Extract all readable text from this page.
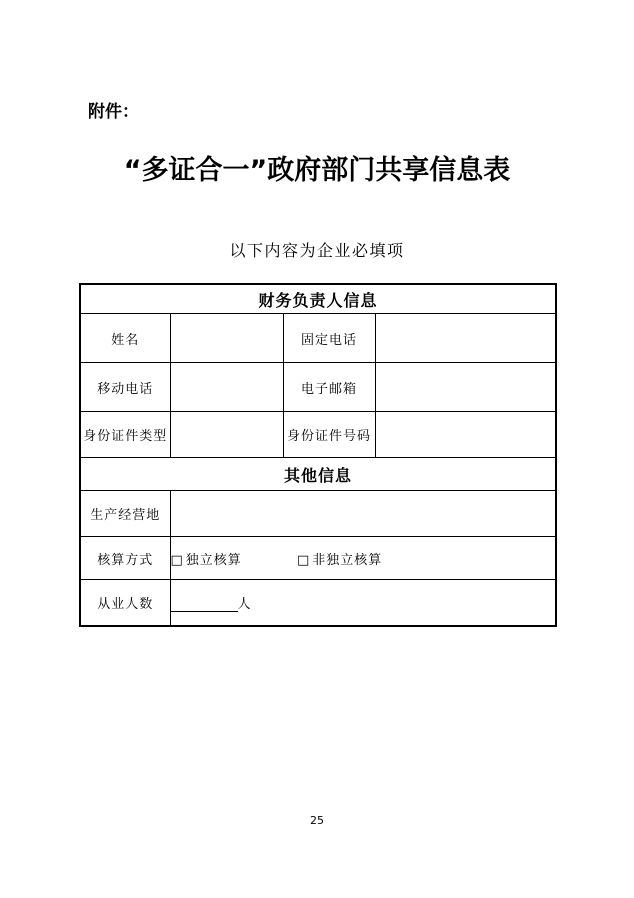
附件：
“多证合一”政府部门共享信息表
以下内容为企业必填项
财务负责人信息			
姓名		固定电话	
移动电话		电子邮箱	
身份证件类型		身份证件号码	
其他信息			
生产经营地			
核算方式	□ 独立核算 □ 非独立核算		
从业人数	人		
25
